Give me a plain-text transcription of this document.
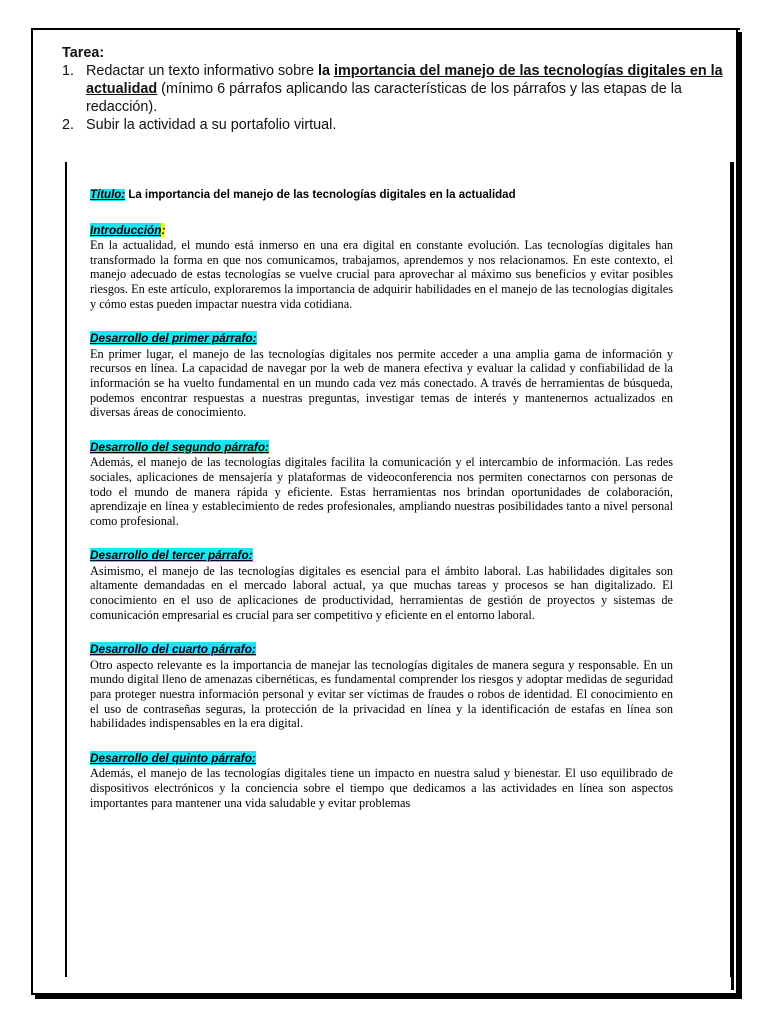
Tarea:
1. Redactar un texto informativo sobre la importancia del manejo de las tecnologías digitales en la actualidad (mínimo 6 párrafos aplicando las características de los párrafos y las etapas de la redacción).
2. Subir la actividad a su portafolio virtual.
Título: La importancia del manejo de las tecnologías digitales en la actualidad
Introducción:

En la actualidad, el mundo está inmerso en una era digital en constante evolución. Las tecnologías digitales han transformado la forma en que nos comunicamos, trabajamos, aprendemos y nos relacionamos. En este contexto, el manejo adecuado de estas tecnologías se vuelve crucial para aprovechar al máximo sus beneficios y evitar posibles riesgos. En este artículo, exploraremos la importancia de adquirir habilidades en el manejo de las tecnologías digitales y cómo estas pueden impactar nuestra vida cotidiana.

Desarrollo del primer párrafo:

En primer lugar, el manejo de las tecnologías digitales nos permite acceder a una amplia gama de información y recursos en línea. La capacidad de navegar por la web de manera efectiva y evaluar la calidad y confiabilidad de la información se ha vuelto fundamental en un mundo cada vez más conectado. A través de herramientas de búsqueda, podemos encontrar respuestas a nuestras preguntas, investigar temas de interés y mantenernos actualizados en diversas áreas de conocimiento.

Desarrollo del segundo párrafo:

Además, el manejo de las tecnologías digitales facilita la comunicación y el intercambio de información. Las redes sociales, aplicaciones de mensajería y plataformas de videoconferencia nos permiten conectarnos con personas de todo el mundo de manera rápida y eficiente. Estas herramientas nos brindan oportunidades de colaboración, aprendizaje en línea y establecimiento de redes profesionales, ampliando nuestras posibilidades tanto a nivel personal como profesional.

Desarrollo del tercer párrafo:

Asimismo, el manejo de las tecnologías digitales es esencial para el ámbito laboral. Las habilidades digitales son altamente demandadas en el mercado laboral actual, ya que muchas tareas y procesos se han digitalizado. El conocimiento en el uso de aplicaciones de productividad, herramientas de gestión de proyectos y sistemas de comunicación empresarial es crucial para ser competitivo y eficiente en el entorno laboral.

Desarrollo del cuarto párrafo:

Otro aspecto relevante es la importancia de manejar las tecnologías digitales de manera segura y responsable. En un mundo digital lleno de amenazas cibernéticas, es fundamental comprender los riesgos y adoptar medidas de seguridad para proteger nuestra información personal y evitar ser víctimas de fraudes o robos de identidad. El conocimiento en el uso de contraseñas seguras, la protección de la privacidad en línea y la identificación de estafas en línea son habilidades indispensables en la era digital.

Desarrollo del quinto párrafo:

Además, el manejo de las tecnologías digitales tiene un impacto en nuestra salud y bienestar. El uso equilibrado de dispositivos electrónicos y la conciencia sobre el tiempo que dedicamos a las actividades en línea son aspectos importantes para mantener una vida saludable y evitar problemas
